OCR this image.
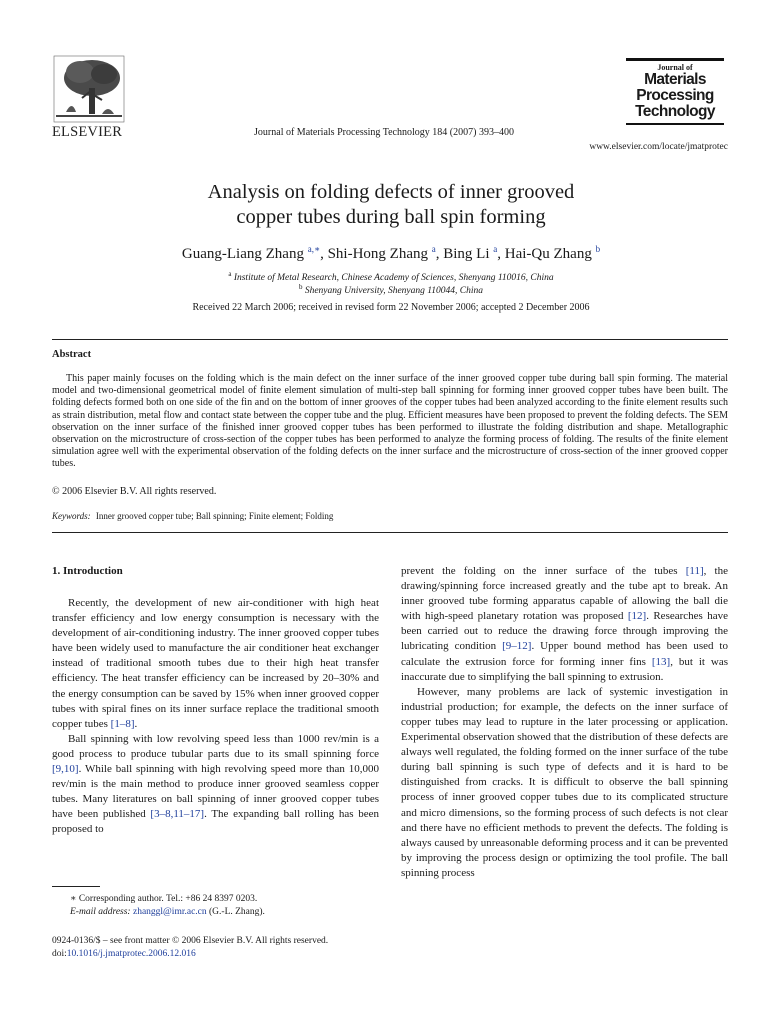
ELSEVIER	Journal of Materials Processing Technology 184 (2007) 393–400
Journal of
Materials
Processing
Technology
www.elsevier.com/locate/jmatprotec
Analysis on folding defects of inner grooved
copper tubes during ball spin forming
Guang-Liang Zhang $^{a,∗}$, Shi-Hong Zhang $^a$, Bing Li $^a$, Hai-Qu Zhang $^b$
$^a$ Institute of Metal Research, Chinese Academy of Sciences, Shenyang 110016, China
$^b$ Shenyang University, Shenyang 110044, China
Received 22 March 2006; received in revised form 22 November 2006; accepted 2 December 2006
Abstract
This paper mainly focuses on the folding which is the main defect on the inner surface of the inner grooved copper tube during ball spin forming. The material model and two-dimensional geometrical model of finite element simulation of multi-step ball spinning for forming inner grooved copper tubes have been built. The folding defects formed both on one side of the fin and on the bottom of inner grooves of the copper tubes had been analyzed according to the finite element results such as strain distribution, metal flow and contact state between the copper tube and the plug. Efficient measures have been proposed to prevent the folding defects. The SEM observation on the inner surface of the finished inner grooved copper tubes has been performed to illustrate the folding distribution and shape. Metallographic observation on the microstructure of cross-section of the copper tubes has been performed to analyze the forming process of folding. The results of the finite element simulation agree well with the experimental observation of the folding defects on the inner surface and the microstructure of cross-section of the inner grooved copper tubes.
© 2006 Elsevier B.V. All rights reserved.
Keywords: Inner grooved copper tube; Ball spinning; Finite element; Folding
1. Introduction

Recently, the development of new air-conditioner with high heat transfer efficiency and low energy consumption is necessary with the development of air-conditioning industry. The inner grooved copper tubes have been widely used to manufacture the air conditioner heat exchanger instead of traditional smooth tubes due to their high heat transfer efficiency. The heat transfer efficiency can be increased by 20–30% and the energy consumption can be saved by 15% when inner grooved copper tubes with spiral fines on its inner surface replace the traditional smooth copper tubes [1–8].

Ball spinning with low revolving speed less than 1000 rev/min is a good process to produce tubular parts due to its small spinning force [9,10]. While ball spinning with high revolving speed more than 10,000 rev/min is the main method to produce inner grooved seamless copper tubes. Many literatures on ball spinning of inner grooved copper tubes have been published [3–8,11–17]. The expanding ball rolling has been proposed to

prevent the folding on the inner surface of the tubes [11], the drawing/spinning force increased greatly and the tube apt to break. An inner grooved tube forming apparatus capable of allowing the ball die with high-speed planetary rotation was proposed [12]. Researches have been carried out to reduce the drawing force through improving the lubricating condition [9–12]. Upper bound method has been used to calculate the extrusion force for forming inner fins [13], but it was inaccurate due to simplifying the ball spinning to extrusion.

However, many problems are lack of systemic investigation in industrial production; for example, the defects on the inner surface of copper tubes may lead to rupture in the later processing or application. Experimental observation showed that the distribution of these defects are always well regulated, the folding formed on the inner surface of the tube during ball spinning is such type of defects and it is hard to be distinguished from cracks. It is difficult to observe the ball spinning process of inner grooved copper tubes due to its complicated structure and micro dimensions, so the forming process of such defects is not clear and there have no efficient methods to prevent the defects. The folding is always caused by unreasonable deforming process and it can be prevented by improving the process design or optimizing the tool profile. The ball spinning process

∗ Corresponding author. Tel.: +86 24 8397 0203.
E-mail address: zhanggl@imr.ac.cn (G.-L. Zhang).
0924-0136/$ – see front matter © 2006 Elsevier B.V. All rights reserved.
doi:10.1016/j.jmatprotec.2006.12.016
